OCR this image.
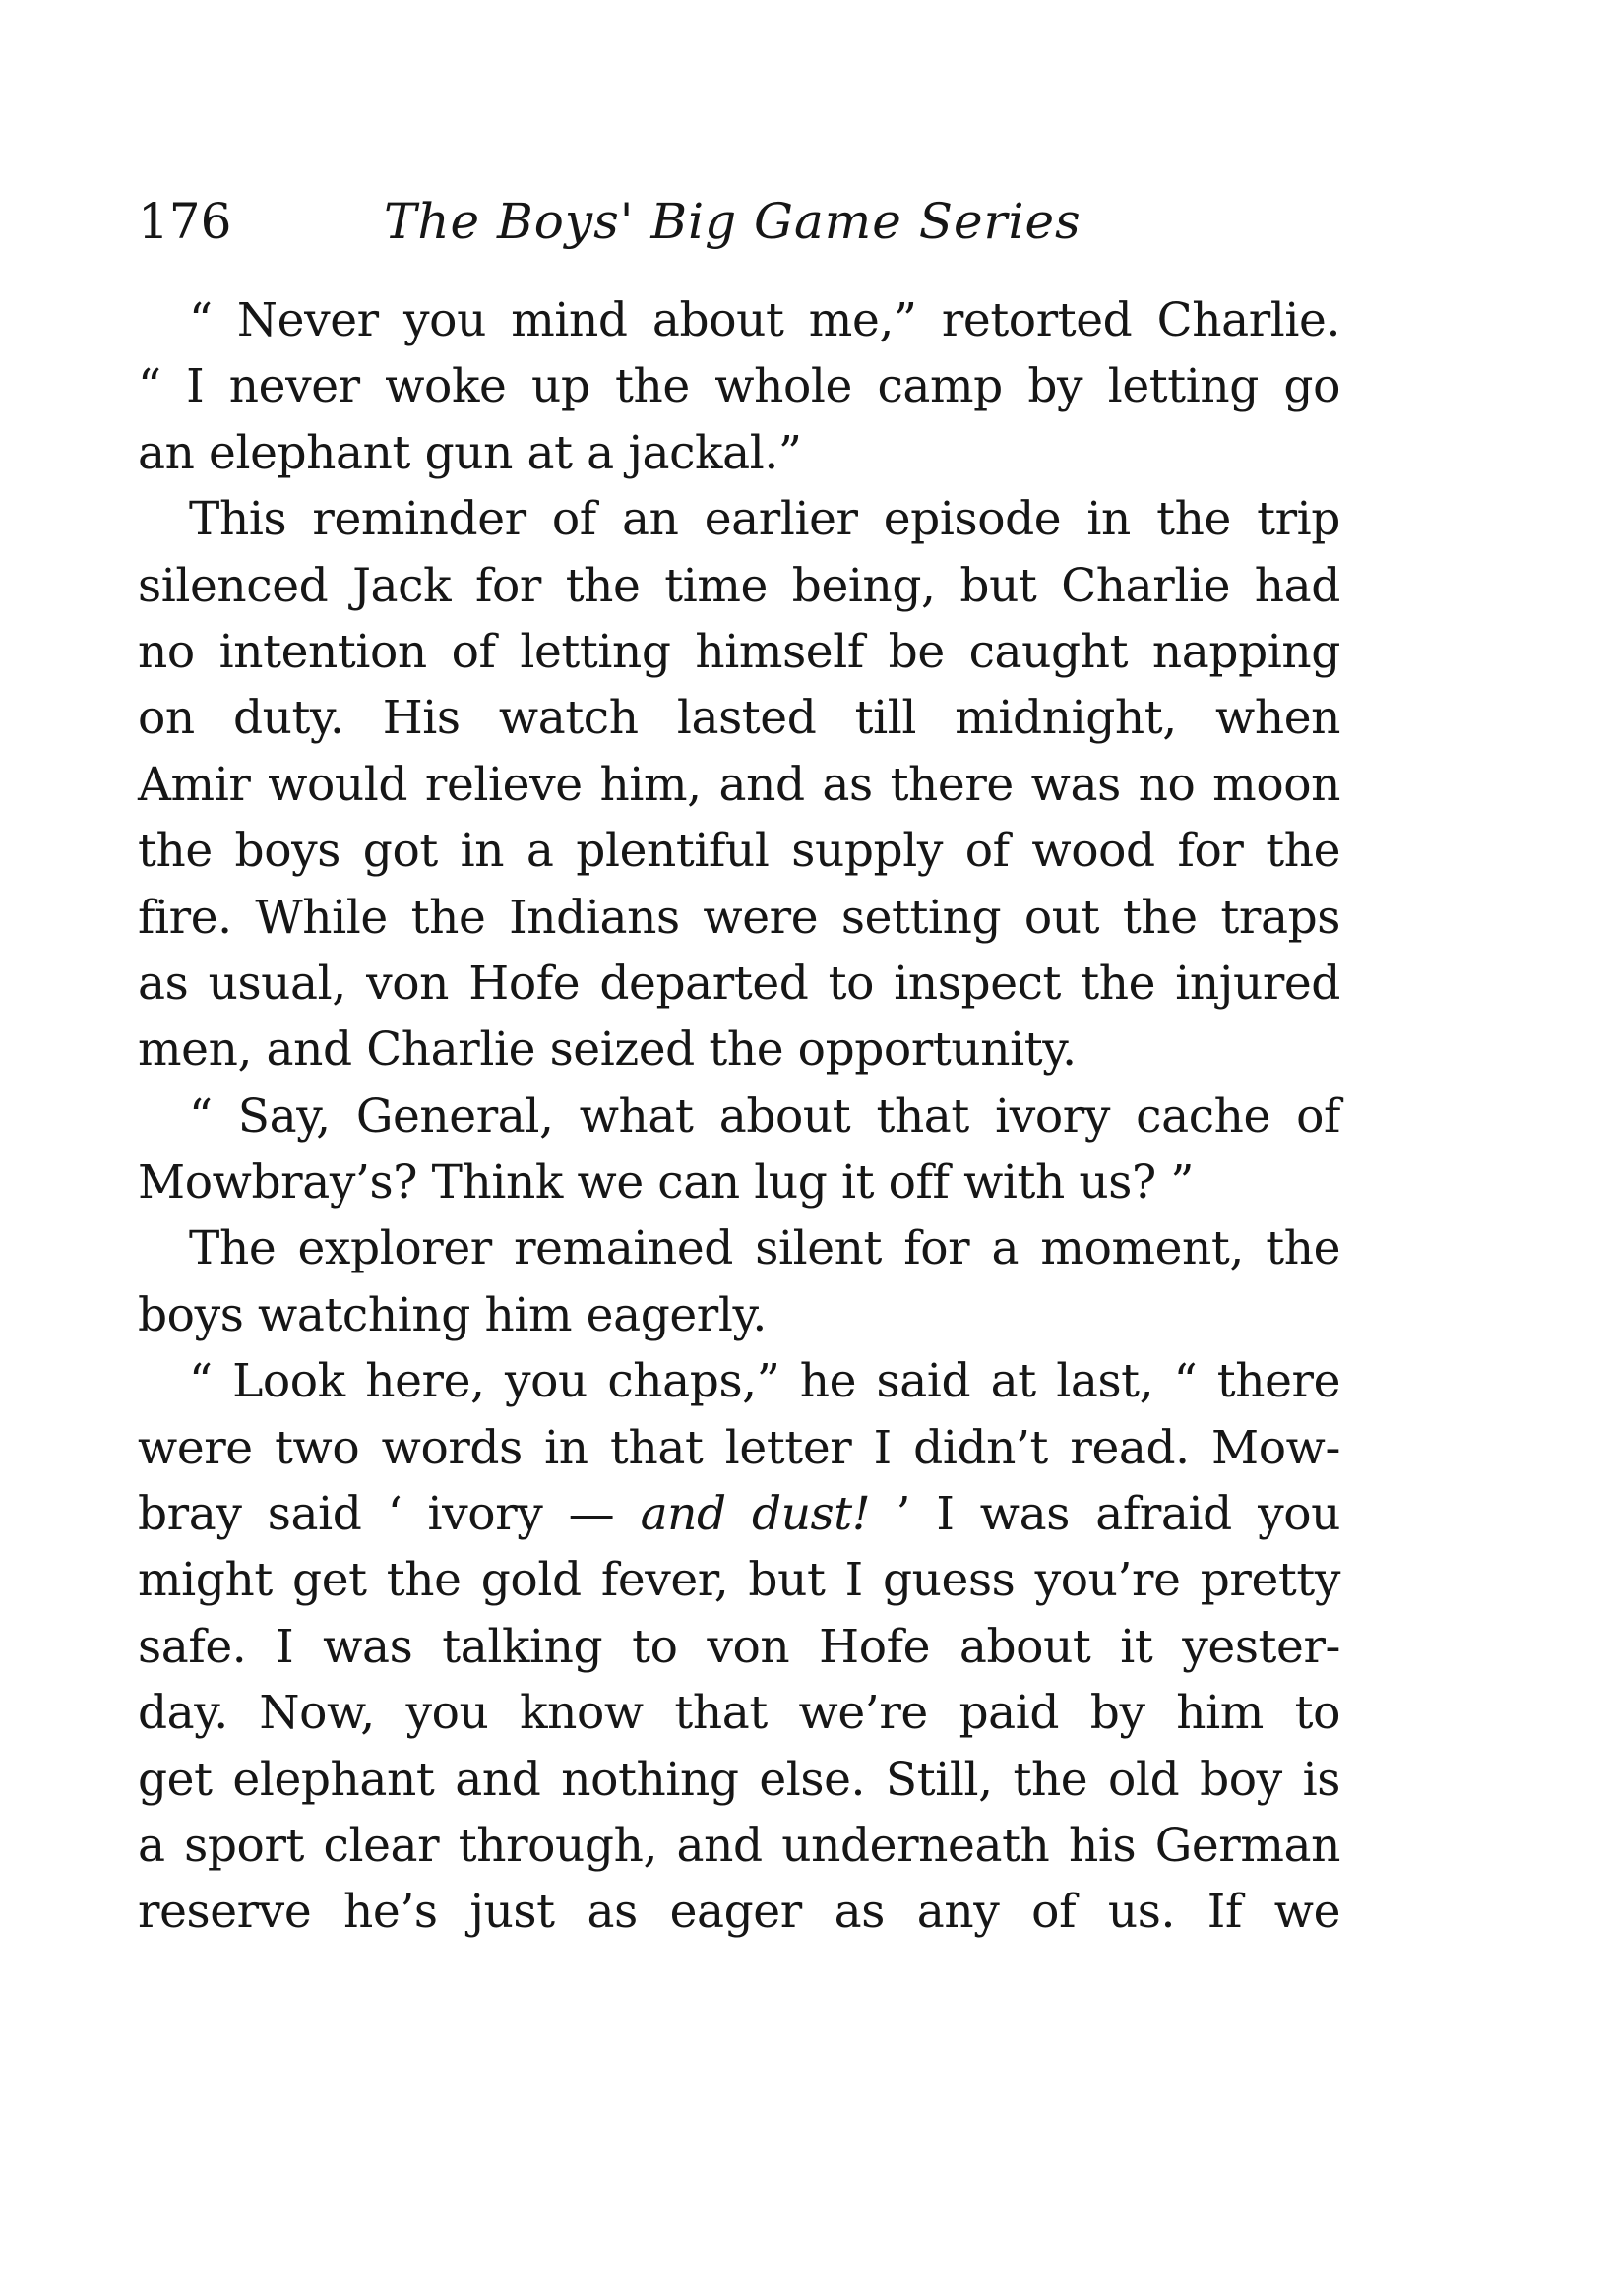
176	The Boys' Big Game Series
“ Never you mind about me,” retorted Charlie.
“ I never woke up the whole camp by letting go
an elephant gun at a jackal.”
This reminder of an earlier episode in the trip
silenced Jack for the time being, but Charlie had
no intention of letting himself be caught napping
on duty. His watch lasted till midnight, when
Amir would relieve him, and as there was no moon
the boys got in a plentiful supply of wood for the
fire. While the Indians were setting out the traps
as usual, von Hofe departed to inspect the injured
men, and Charlie seized the opportunity.
“ Say, General, what about that ivory cache of
Mowbray’s? Think we can lug it off with us? ”
The explorer remained silent for a moment, the
boys watching him eagerly.
“ Look here, you chaps,” he said at last, “ there
were two words in that letter I didn’t read. Mow-
bray said ‘ ivory — and dust! ’ I was afraid you
might get the gold fever, but I guess you’re pretty
safe. I was talking to von Hofe about it yester-
day. Now, you know that we’re paid by him to
get elephant and nothing else. Still, the old boy is
a sport clear through, and underneath his German
reserve he’s just as eager as any of us. If we
